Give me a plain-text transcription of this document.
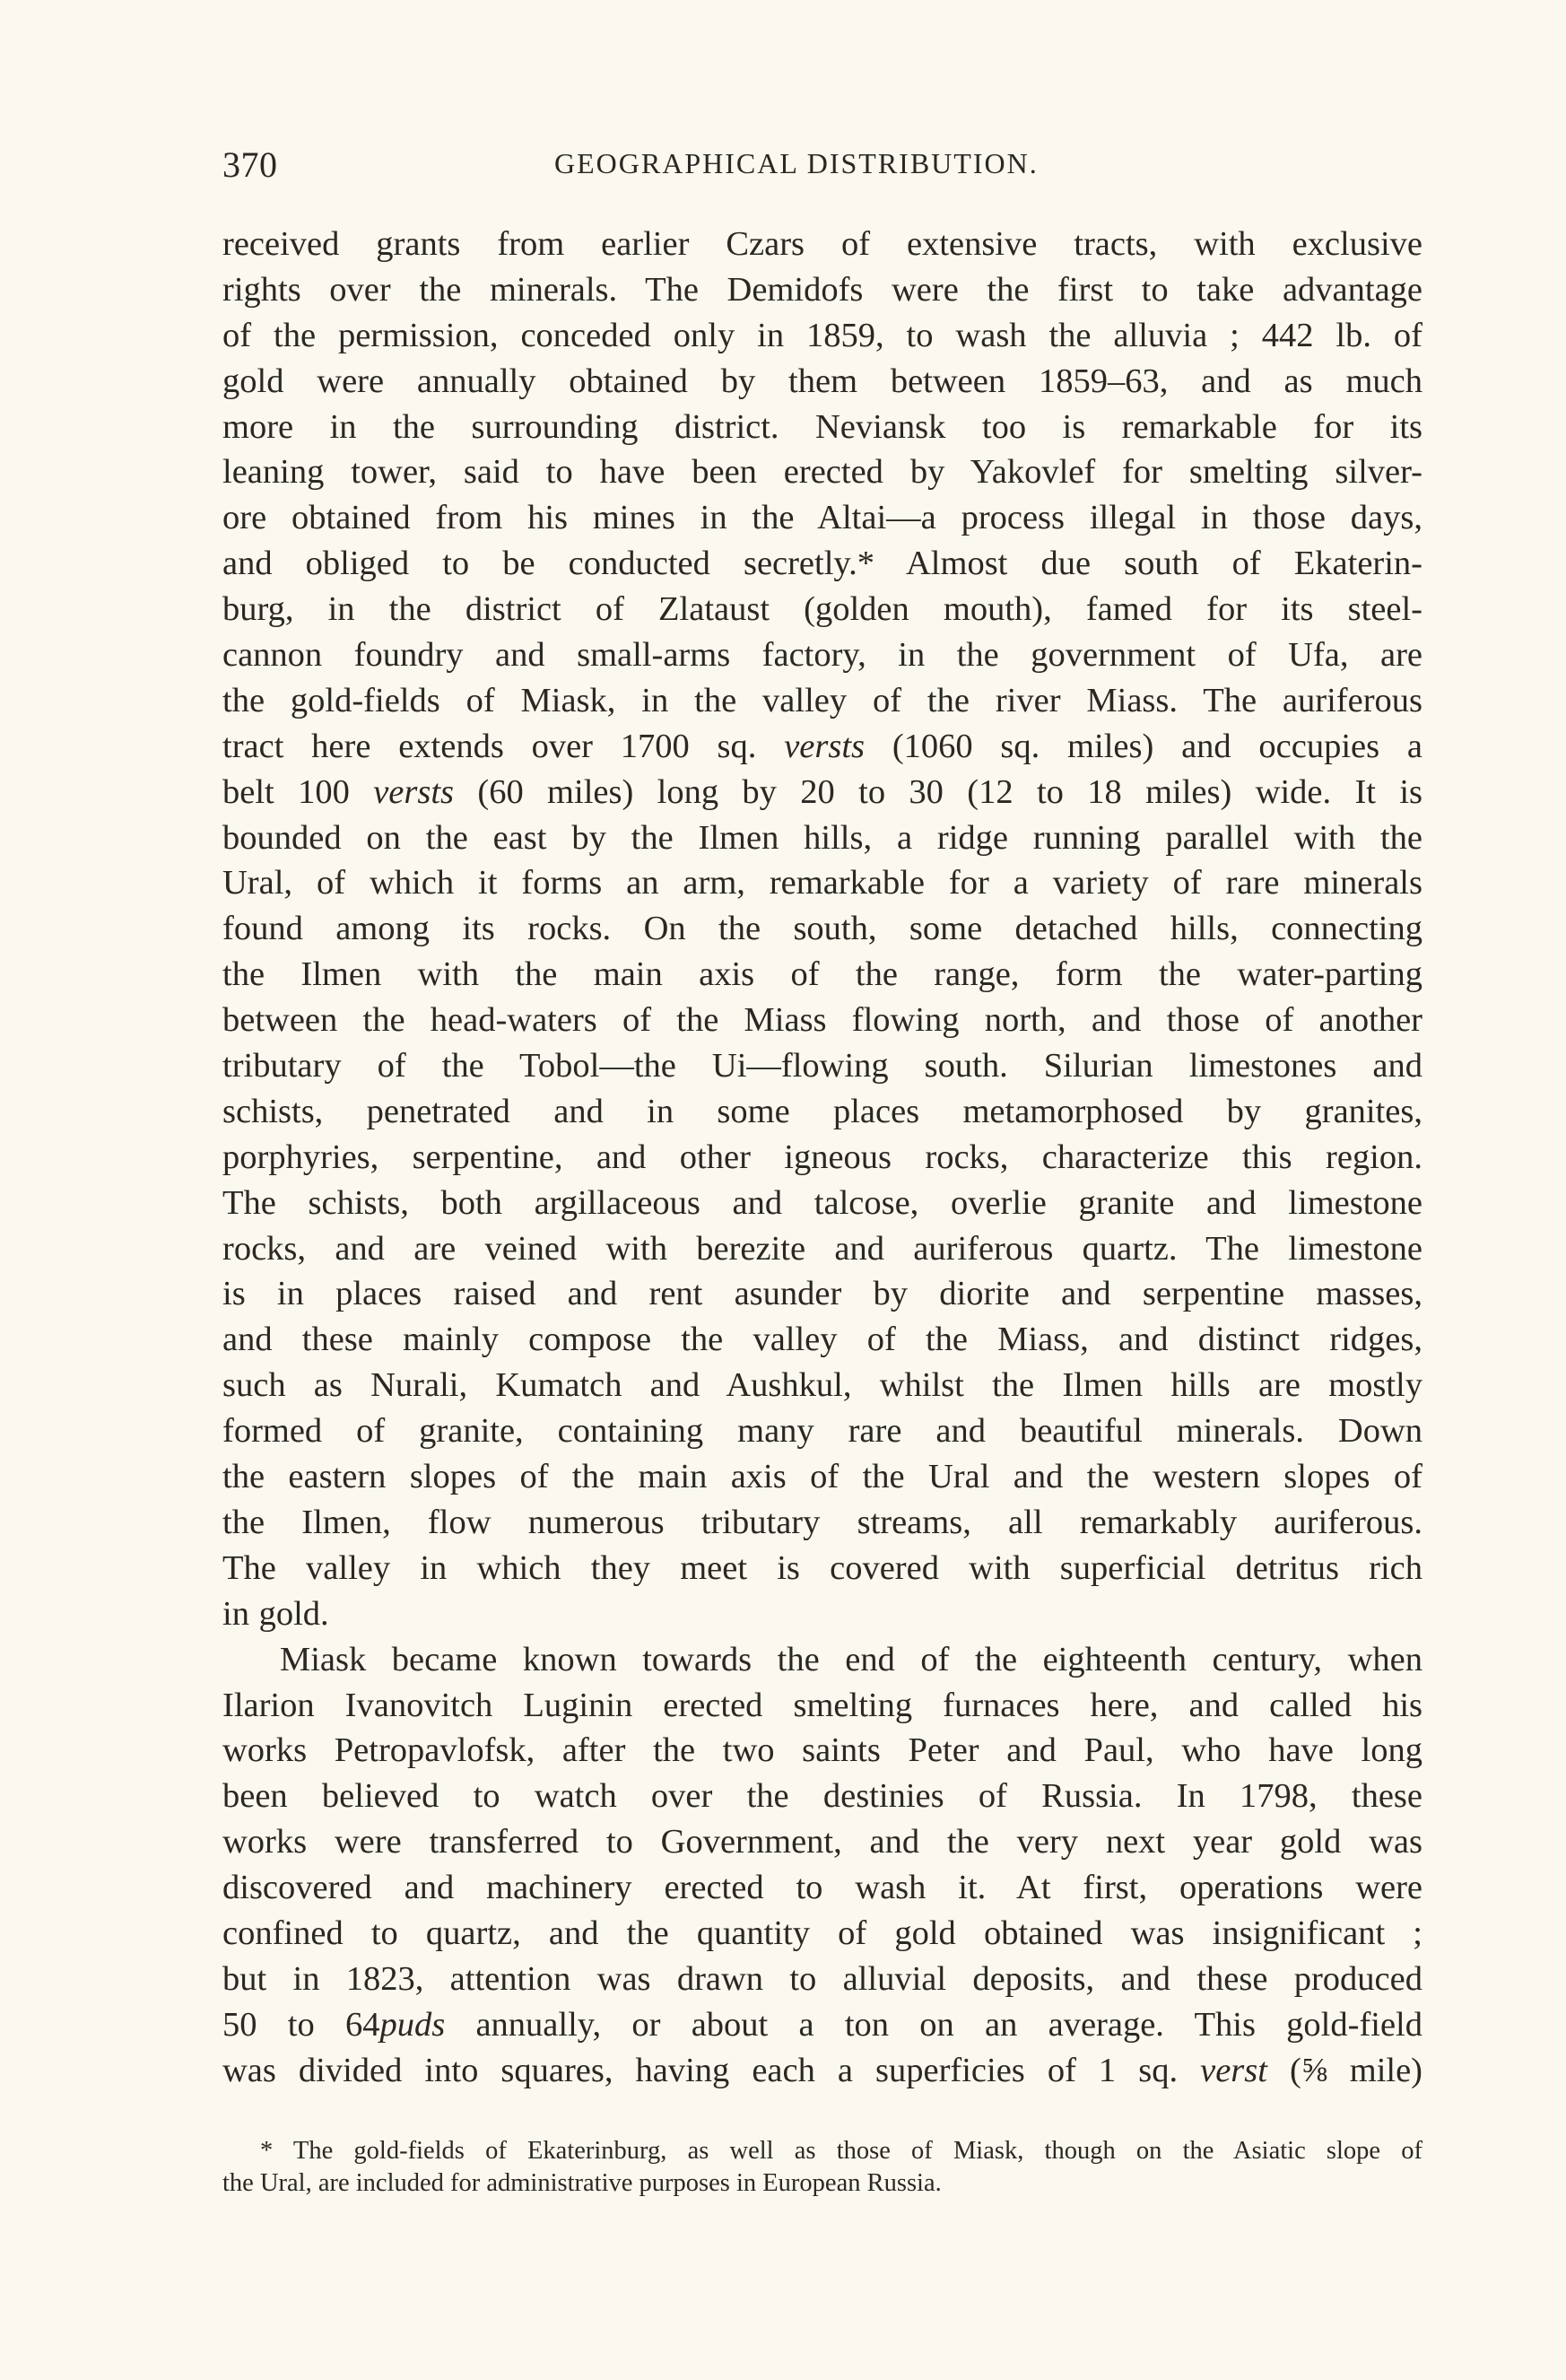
370	GEOGRAPHICAL DISTRIBUTION.

received grants from earlier Czars of extensive tracts, with exclusive
rights over the minerals. The Demidofs were the first to take advantage
of the permission, conceded only in 1859, to wash the alluvia ; 442 lb. of
gold were annually obtained by them between 1859–63, and as much
more in the surrounding district. Neviansk too is remarkable for its
leaning tower, said to have been erected by Yakovlef for smelting silver-
ore obtained from his mines in the Altai—a process illegal in those days,
and obliged to be conducted secretly.* Almost due south of Ekaterin-
burg, in the district of Zlataust (golden mouth), famed for its steel-
cannon foundry and small-arms factory, in the government of Ufa, are
the gold-fields of Miask, in the valley of the river Miass. The auriferous
tract here extends over 1700 sq. versts (1060 sq. miles) and occupies a
belt 100 versts (60 miles) long by 20 to 30 (12 to 18 miles) wide. It is
bounded on the east by the Ilmen hills, a ridge running parallel with the
Ural, of which it forms an arm, remarkable for a variety of rare minerals
found among its rocks. On the south, some detached hills, connecting
the Ilmen with the main axis of the range, form the water-parting
between the head-waters of the Miass flowing north, and those of another
tributary of the Tobol—the Ui—flowing south. Silurian limestones and
schists, penetrated and in some places metamorphosed by granites,
porphyries, serpentine, and other igneous rocks, characterize this region.
The schists, both argillaceous and talcose, overlie granite and limestone
rocks, and are veined with berezite and auriferous quartz. The limestone
is in places raised and rent asunder by diorite and serpentine masses,
and these mainly compose the valley of the Miass, and distinct ridges,
such as Nurali, Kumatch and Aushkul, whilst the Ilmen hills are mostly
formed of granite, containing many rare and beautiful minerals. Down
the eastern slopes of the main axis of the Ural and the western slopes of
the Ilmen, flow numerous tributary streams, all remarkably auriferous.
The valley in which they meet is covered with superficial detritus rich
in gold.

Miask became known towards the end of the eighteenth century, when
Ilarion Ivanovitch Luginin erected smelting furnaces here, and called his
works Petropavlofsk, after the two saints Peter and Paul, who have long
been believed to watch over the destinies of Russia. In 1798, these
works were transferred to Government, and the very next year gold was
discovered and machinery erected to wash it. At first, operations were
confined to quartz, and the quantity of gold obtained was insignificant ;
but in 1823, attention was drawn to alluvial deposits, and these produced
50 to 64puds annually, or about a ton on an average. This gold-field
was divided into squares, having each a superficies of 1 sq. verst (⅝ mile)

* The gold-fields of Ekaterinburg, as well as those of Miask, though on the Asiatic slope of
the Ural, are included for administrative purposes in European Russia.
